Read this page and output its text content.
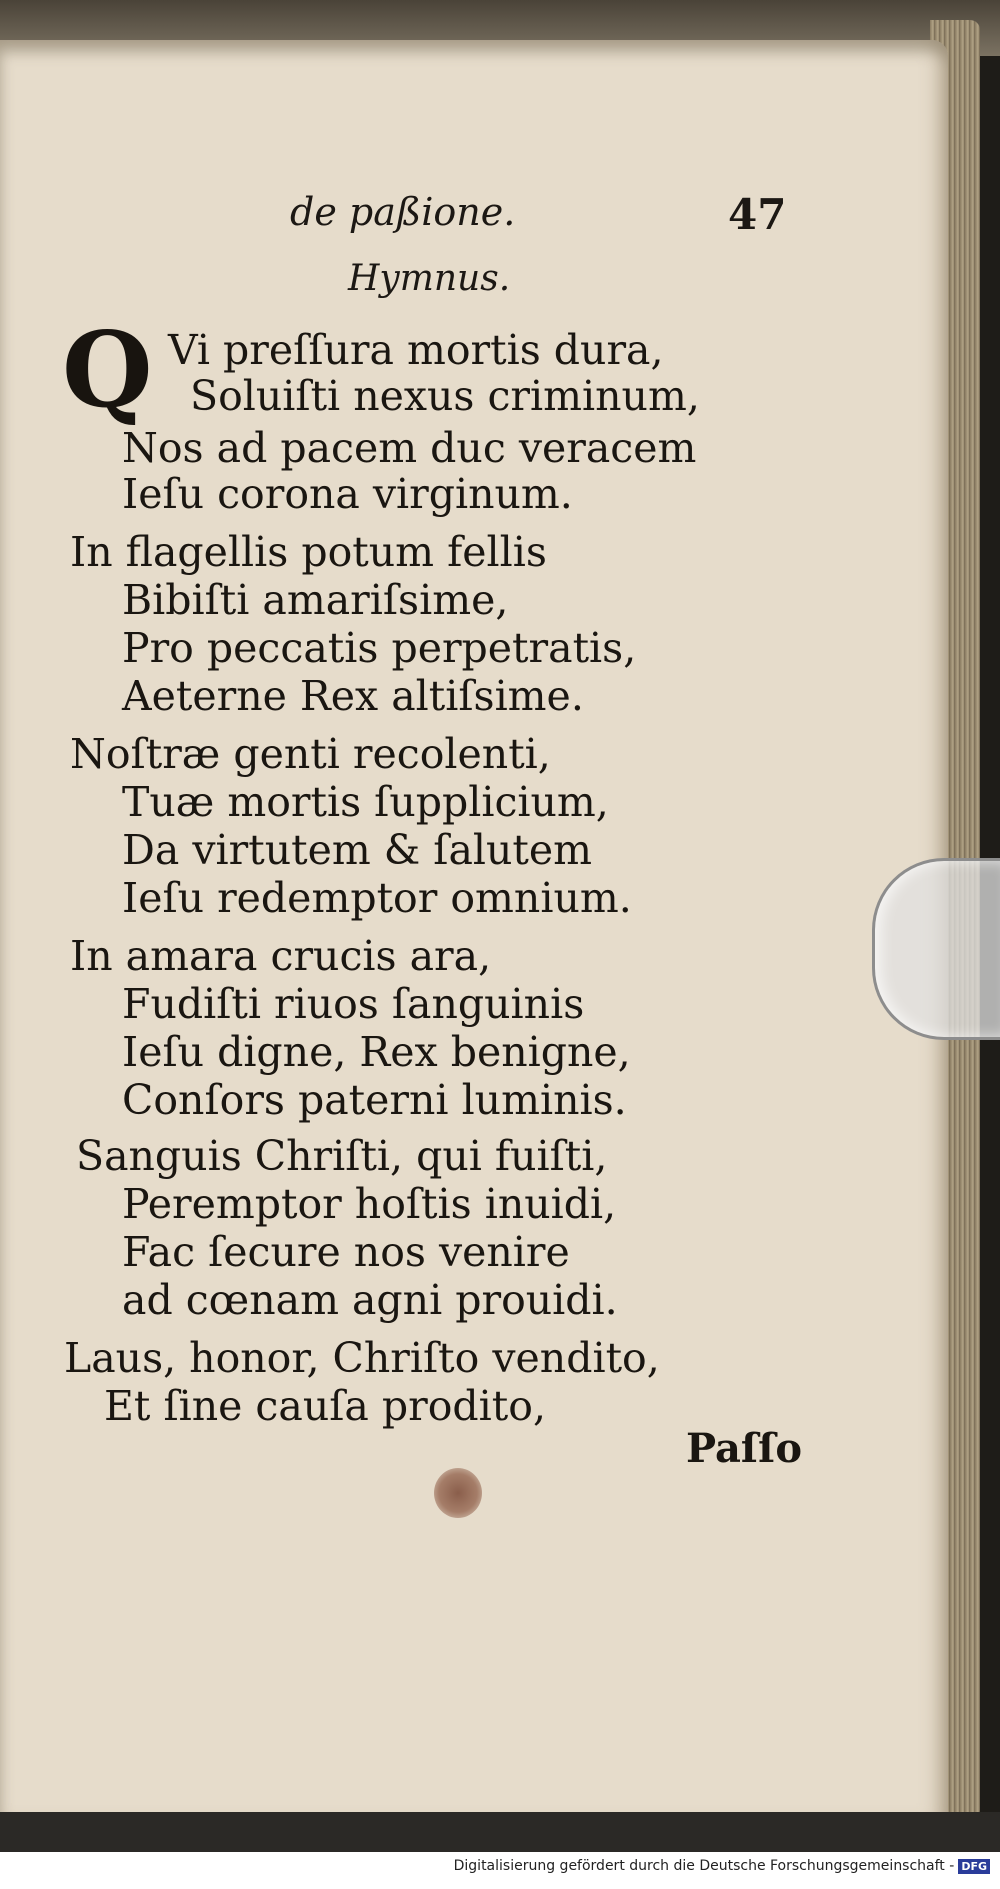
de paßione.	47
Hymnus.
Q Vi preſſura mortis dura,
Soluiſti nexus criminum,
Nos ad pacem duc veracem
Ieſu corona virginum.
In flagellis potum fellis
Bibiſti amariſsime,
Pro peccatis perpetratis,
Aeterne Rex altiſsime.
Noſtræ genti recolenti,
Tuæ mortis ſupplicium,
Da virtutem & ſalutem
Ieſu redemptor omnium.
In amara crucis ara,
Fudiſti riuos ſanguinis
Ieſu digne, Rex benigne,
Conſors paterni luminis.
Sanguis Chriſti, qui fuiſti,
Peremptor hoſtis inuidi,
Fac ſecure nos venire
ad cœnam agni prouidi.
Laus, honor, Chriſto vendito,
Et ſine cauſa prodito,
Paſſo
Digitalisierung gefördert durch die Deutsche Forschungsgemeinschaft - DFG
